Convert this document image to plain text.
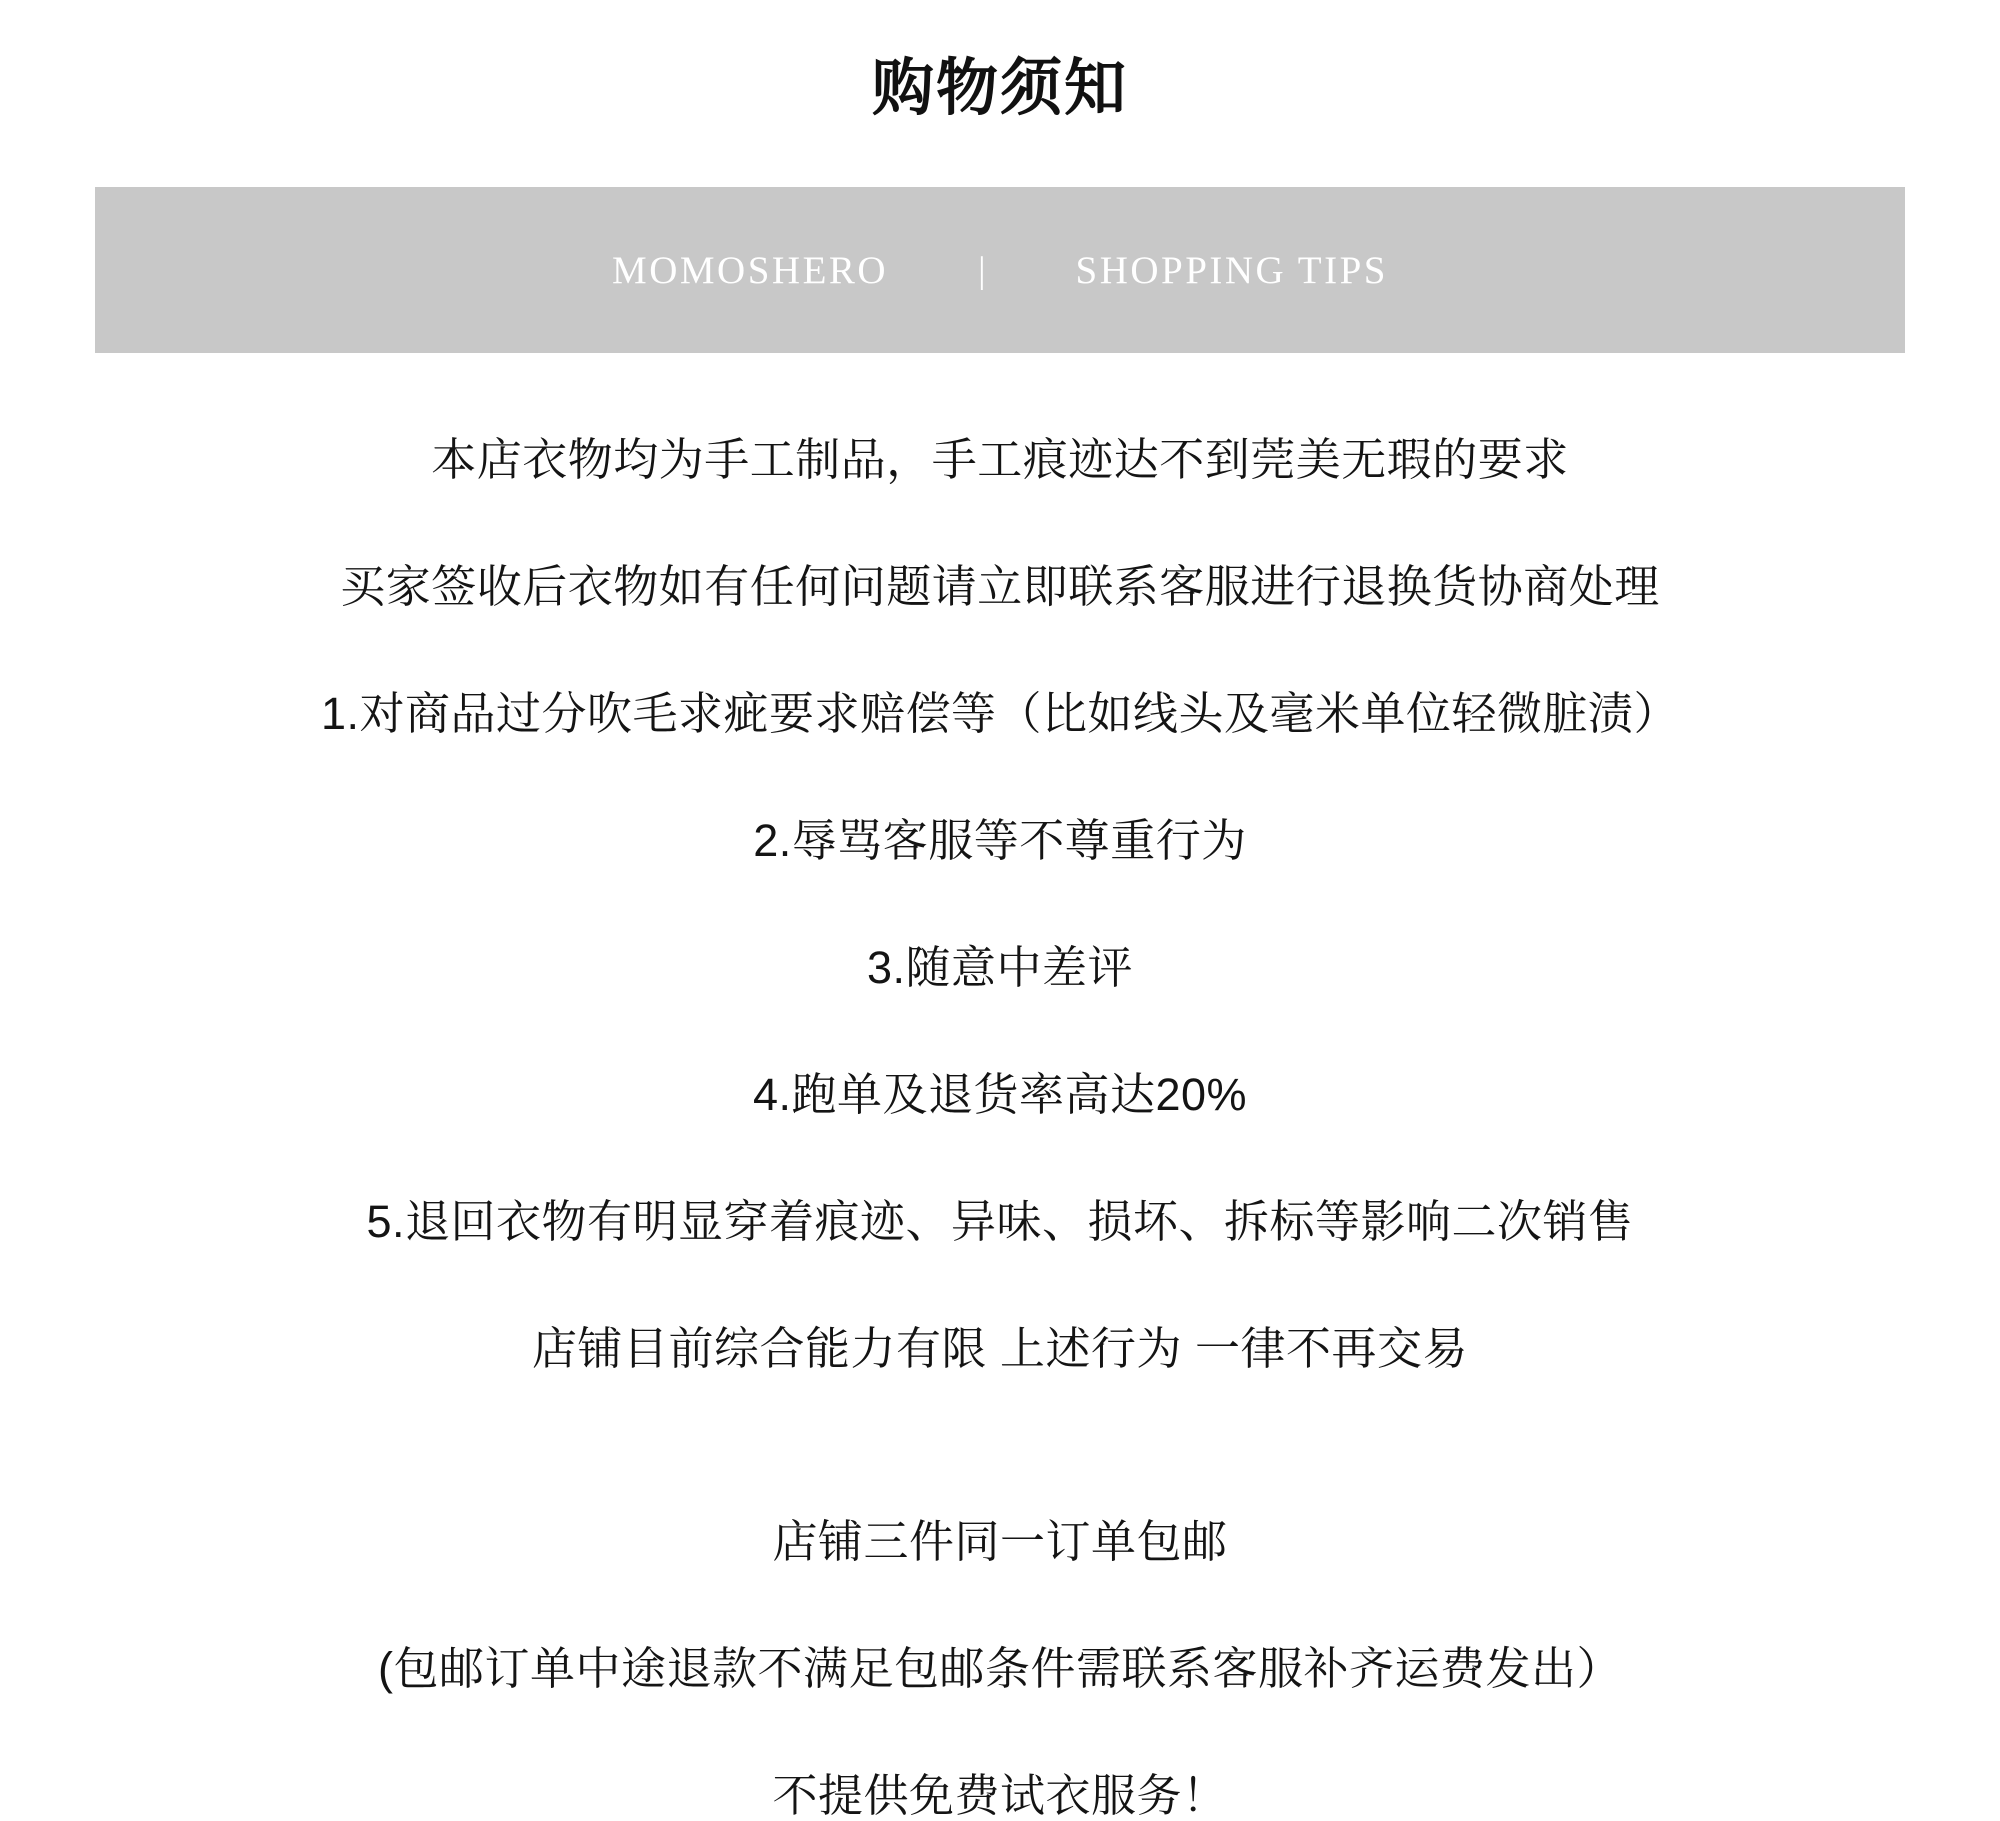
购物须知
MOMOSHERO	|	SHOPPING TIPS

本店衣物均为手工制品，手工痕迹达不到莞美无瑕的要求

买家签收后衣物如有任何问题请立即联系客服进行退换货协商处理

1.对商品过分吹毛求疵要求赔偿等（比如线头及毫米单位轻微脏渍）

2.辱骂客服等不尊重行为

3.随意中差评

4.跑单及退货率高达20%

5.退回衣物有明显穿着痕迹、异味、损坏、拆标等影响二次销售

店铺目前综合能力有限 上述行为 一律不再交易

店铺三件同一订单包邮

(包邮订单中途退款不满足包邮条件需联系客服补齐运费发出）

不提供免费试衣服务！
